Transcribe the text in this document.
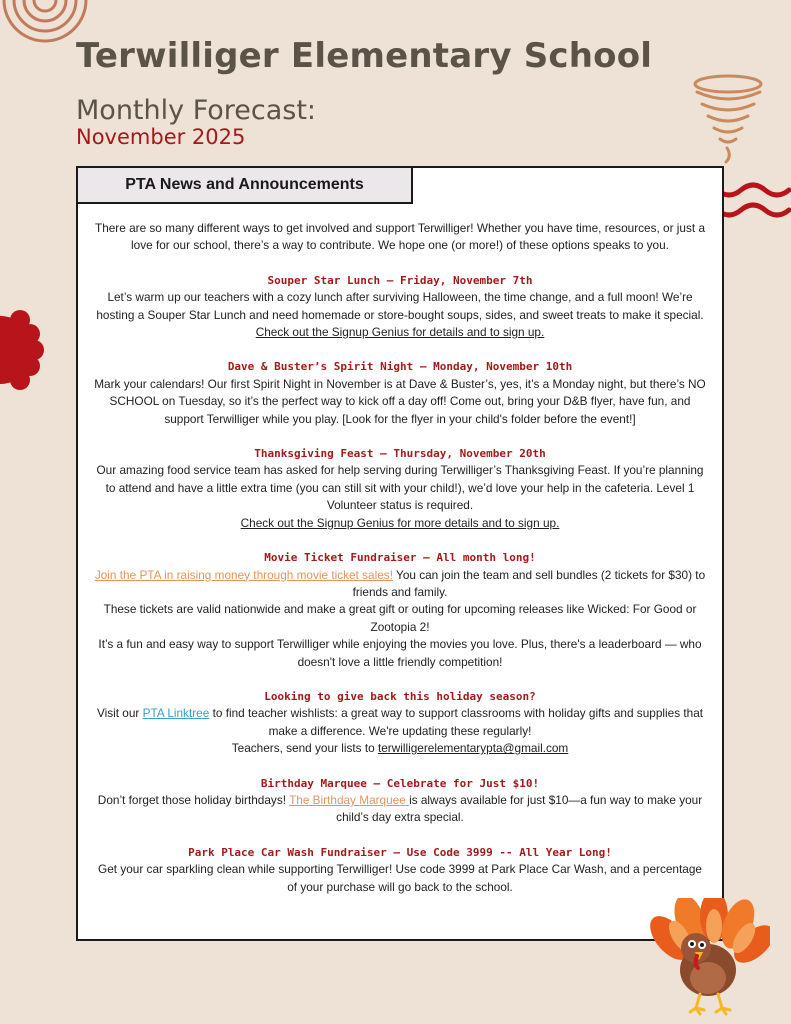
Terwilliger Elementary School
Monthly Forecast:
November 2025
PTA News and Announcements

There are so many different ways to get involved and support Terwilliger! Whether you have time, resources, or just a love for our school, there’s a way to contribute. We hope one (or more!) of these options speaks to you.

Souper Star Lunch – Friday, November 7th

Let’s warm up our teachers with a cozy lunch after surviving Halloween, the time change, and a full moon! We’re hosting a Souper Star Lunch and need homemade or store-bought soups, sides, and sweet treats to make it special.

Check out the Signup Genius for details and to sign up.

Dave & Buster’s Spirit Night – Monday, November 10th

Mark your calendars! Our first Spirit Night in November is at Dave & Buster’s, yes, it’s a Monday night, but there’s NO SCHOOL on Tuesday, so it’s the perfect way to kick off a day off! Come out, bring your D&B flyer, have fun, and support Terwilliger while you play. [Look for the flyer in your child's folder before the event!]

Thanksgiving Feast – Thursday, November 20th

Our amazing food service team has asked for help serving during Terwilliger’s Thanksgiving Feast. If you’re planning to attend and have a little extra time (you can still sit with your child!), we’d love your help in the cafeteria. Level 1 Volunteer status is required.

Check out the Signup Genius for more details and to sign up.

Movie Ticket Fundraiser – All month long!

Join the PTA in raising money through movie ticket sales! You can join the team and sell bundles (2 tickets for $30) to friends and family.

These tickets are valid nationwide and make a great gift or outing for upcoming releases like Wicked: For Good or Zootopia 2!

It’s a fun and easy way to support Terwilliger while enjoying the movies you love. Plus, there's a leaderboard — who doesn't love a little friendly competition!

Looking to give back this holiday season?

Visit our PTA Linktree to find teacher wishlists: a great way to support classrooms with holiday gifts and supplies that make a difference. We're updating these regularly!

Teachers, send your lists to terwilligerelementarypta@gmail.com

Birthday Marquee – Celebrate for Just $10!

Don’t forget those holiday birthdays! The Birthday Marquee is always available for just $10—a fun way to make your child’s day extra special.

Park Place Car Wash Fundraiser – Use Code 3999 -- All Year Long!

Get your car sparkling clean while supporting Terwilliger! Use code 3999 at Park Place Car Wash, and a percentage of your purchase will go back to the school.
